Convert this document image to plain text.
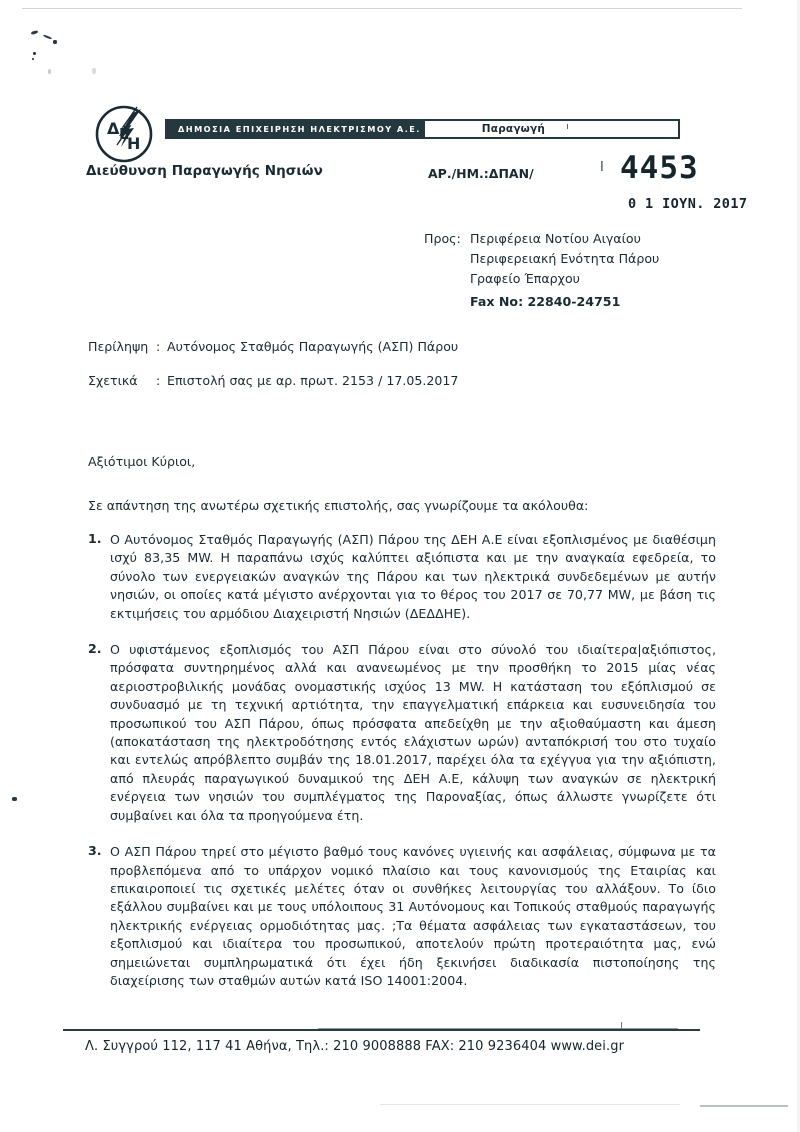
Δ Ε
Η
ΔΗΜΟΣΙΑ ΕΠΙΧΕΙΡΗΣΗ ΗΛΕΚΤΡΙΣΜΟΥ Α.Ε.	Παραγωγή
Διεύθυνση Παραγωγής Νησιών	ΑΡ./ΗΜ.:ΔΠΑΝ/	Ι 4453
0 1 ΙΟΥΝ. 2017
Προς: Περιφέρεια Νοτίου Αιγαίου
Περιφερειακή Ενότητα Πάρου
Γραφείο Έπαρχου
Fax No: 22840-24751
Περίληψη : Αυτόνομος Σταθμός Παραγωγής (ΑΣΠ) Πάρου
Σχετικά	: Επιστολή σας με αρ. πρωτ. 2153 / 17.05.2017
Αξιότιμοι Κύριοι,
Σε απάντηση της ανωτέρω σχετικής επιστολής, σας γνωρίζουμε τα ακόλουθα:
1. Ο Αυτόνομος Σταθμός Παραγωγής (ΑΣΠ) Πάρου της ΔΕΗ Α.Ε είναι εξοπλισμένος με διαθέσιμη ισχύ 83,35 MW. Η παραπάνω ισχύς καλύπτει αξιόπιστα και με την αναγκαία εφεδρεία, το σύνολο των ενεργειακών αναγκών της Πάρου και των ηλεκτρικά συνδεδεμένων με αυτήν νησιών, οι οποίες κατά μέγιστο ανέρχονται για το θέρος του 2017 σε 70,77 MW, με βάση τις εκτιμήσεις του αρμόδιου Διαχειριστή Νησιών (ΔΕΔΔΗΕ).
2. Ο υφιστάμενος εξοπλισμός του ΑΣΠ Πάρου είναι στο σύνολό του ιδιαίτερα|αξιόπιστος, πρόσφατα συντηρημένος αλλά και ανανεωμένος με την προσθήκη το 2015 μίας νέας αεριοστροβιλικής μονάδας ονομαστικής ισχύος 13 MW. Η κατάσταση του εξόπλισμού σε συνδυασμό με τη τεχνική αρτιότητα, την επαγγελματική επάρκεια και ευσυνειδησία του προσωπικού του ΑΣΠ Πάρου, όπως πρόσφατα απεδείχθη με την αξιοθαύμαστη και άμεση (αποκατάσταση της ηλεκτροδότησης εντός ελάχιστων ωρών) ανταπόκρισή του στο τυχαίο και εντελώς απρόβλεπτο συμβάν της 18.01.2017, παρέχει όλα τα εχέγγυα για την αξιόπιστη, από πλευράς παραγωγικού δυναμικού της ΔΕΗ Α.Ε, κάλυψη των αναγκών σε ηλεκτρική ενέργεια των νησιών του συμπλέγματος της Παροναξίας, όπως άλλωστε γνωρίζετε ότι συμβαίνει και όλα τα προηγούμενα έτη.
3. Ο ΑΣΠ Πάρου τηρεί στο μέγιστο βαθμό τους κανόνες υγιεινής και ασφάλειας, σύμφωνα με τα προβλεπόμενα από το υπάρχον νομικό πλαίσιο και τους κανονισμούς της Εταιρίας και επικαιροποιεί τις σχετικές μελέτες όταν οι συνθήκες λειτουργίας του αλλάξουν. Το ίδιο εξάλλου συμβαίνει και με τους υπόλοιπους 31 Αυτόνομους και Τοπικούς σταθμούς παραγωγής ηλεκτρικής ενέργειας ορμοδιότητας μας. ;Τα θέματα ασφάλειας των εγκαταστάσεων, του εξοπλισμού και ιδιαίτερα του προσωπικού, αποτελούν πρώτη προτεραιότητα μας, ενώ σημειώνεται συμπληρωματικά ότι έχει ήδη ξεκινήσει διαδικασία πιστοποίησης της διαχείρισης των σταθμών αυτών κατά ISO 14001:2004.
Λ. Συγγρού 112, 117 41 Αθήνα, Τηλ.: 210 9008888 FAX: 210 9236404 www.dei.gr
